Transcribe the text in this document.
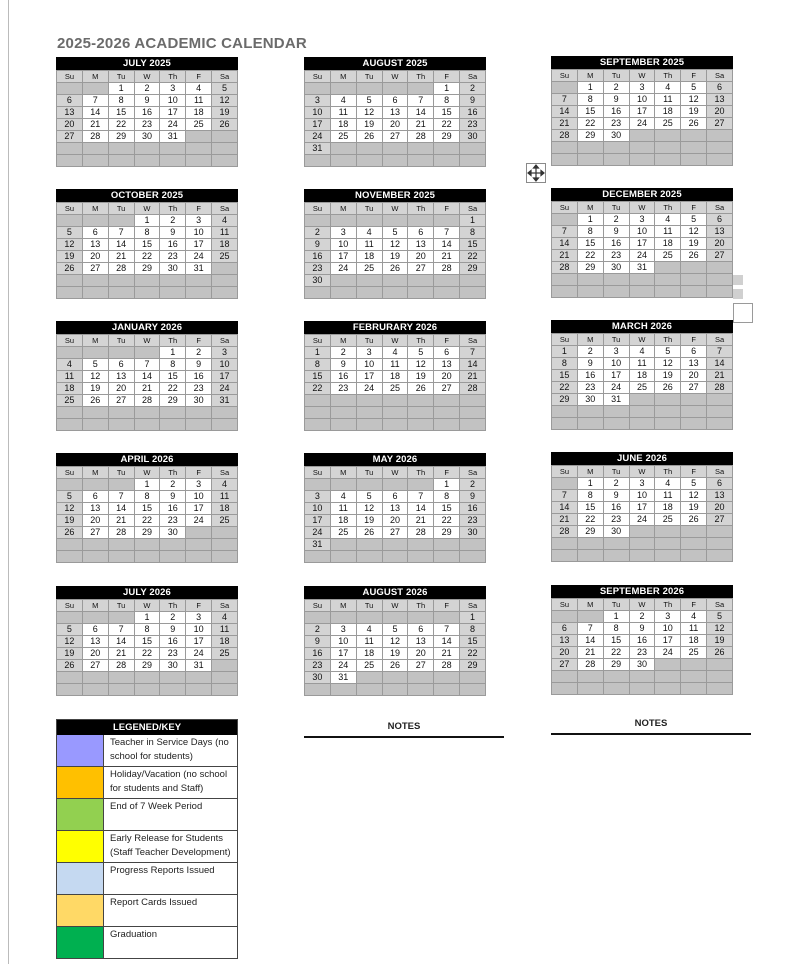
2025-2026 ACADEMIC CALENDAR
JULY 2025
Su	M	Tu	W	Th	F	Sa
		1	2	3	4	5
6	7	8	9	10	11	12
13	14	15	16	17	18	19
20	21	22	23	24	25	26
27	28	29	30	31		

AUGUST 2025
Su	M	Tu	W	Th	F	Sa
					1	2
3	4	5	6	7	8	9
10	11	12	13	14	15	16
17	18	19	20	21	22	23
24	25	26	27	28	29	30
31						

SEPTEMBER 2025
Su	M	Tu	W	Th	F	Sa
	1	2	3	4	5	6
7	8	9	10	11	12	13
14	15	16	17	18	19	20
21	22	23	24	25	26	27
28	29	30				

OCTOBER 2025
Su	M	Tu	W	Th	F	Sa
			1	2	3	4
5	6	7	8	9	10	11
12	13	14	15	16	17	18
19	20	21	22	23	24	25
26	27	28	29	30	31	

NOVEMBER 2025
Su	M	Tu	W	Th	F	Sa
						1
2	3	4	5	6	7	8
9	10	11	12	13	14	15
16	17	18	19	20	21	22
23	24	25	26	27	28	29
30						

DECEMBER 2025
Su	M	Tu	W	Th	F	Sa
	1	2	3	4	5	6
7	8	9	10	11	12	13
14	15	16	17	18	19	20
21	22	23	24	25	26	27
28	29	30	31			

JANUARY 2026
Su	M	Tu	W	Th	F	Sa
				1	2	3
4	5	6	7	8	9	10
11	12	13	14	15	16	17
18	19	20	21	22	23	24
25	26	27	28	29	30	31

FEBRURARY 2026
Su	M	Tu	W	Th	F	Sa
1	2	3	4	5	6	7
8	9	10	11	12	13	14
15	16	17	18	19	20	21
22	23	24	25	26	27	28

MARCH 2026
Su	M	Tu	W	Th	F	Sa
1	2	3	4	5	6	7
8	9	10	11	12	13	14
15	16	17	18	19	20	21
22	23	24	25	26	27	28
29	30	31				

APRIL 2026
Su	M	Tu	W	Th	F	Sa
			1	2	3	4
5	6	7	8	9	10	11
12	13	14	15	16	17	18
19	20	21	22	23	24	25
26	27	28	29	30		

MAY 2026
Su	M	Tu	W	Th	F	Sa
					1	2
3	4	5	6	7	8	9
10	11	12	13	14	15	16
17	18	19	20	21	22	23
24	25	26	27	28	29	30
31						

JUNE 2026
Su	M	Tu	W	Th	F	Sa
	1	2	3	4	5	6
7	8	9	10	11	12	13
14	15	16	17	18	19	20
21	22	23	24	25	26	27
28	29	30				

JULY 2026
Su	M	Tu	W	Th	F	Sa
			1	2	3	4
5	6	7	8	9	10	11
12	13	14	15	16	17	18
19	20	21	22	23	24	25
26	27	28	29	30	31	

AUGUST 2026
Su	M	Tu	W	Th	F	Sa
						1
2	3	4	5	6	7	8
9	10	11	12	13	14	15
16	17	18	19	20	21	22
23	24	25	26	27	28	29
30	31					

SEPTEMBER 2026
Su	M	Tu	W	Th	F	Sa
		1	2	3	4	5
6	7	8	9	10	11	12
13	14	15	16	17	18	19
20	21	22	23	24	25	26
27	28	29	30			

LEGENED/KEY
Teacher in Service Days (no school for students)
Holiday/Vacation (no school for students and Staff)
End of 7 Week Period
Early Release for Students (Staff Teacher Development)
Progress Reports Issued
Report Cards Issued
Graduation
NOTES	NOTES
